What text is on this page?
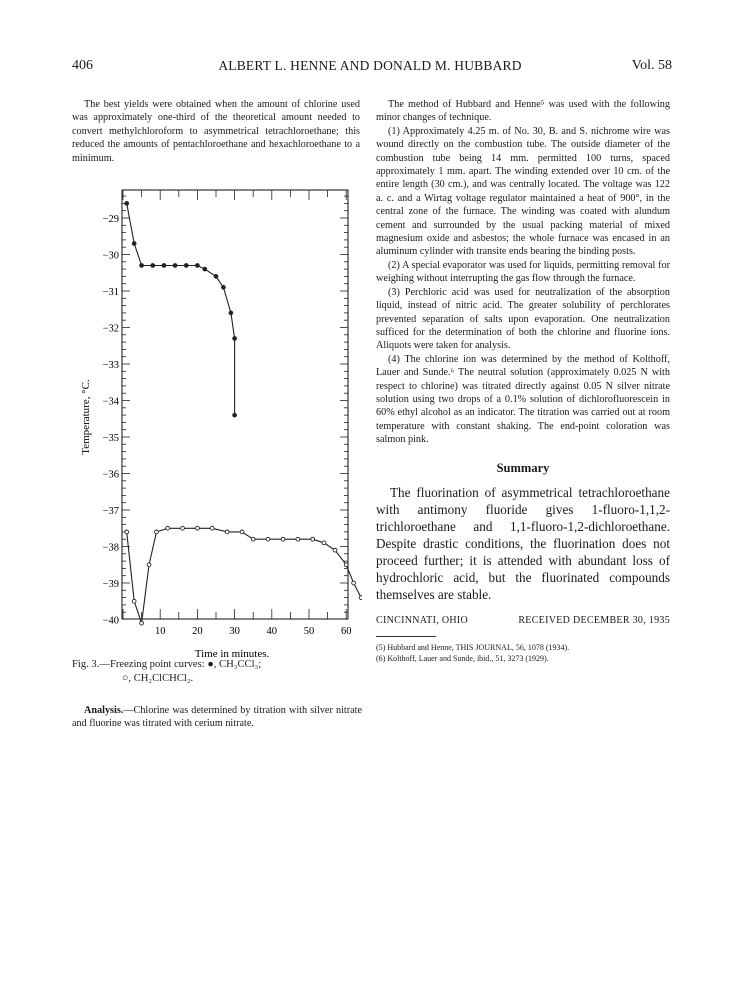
406	ALBERT L. HENNE AND DONALD M. HUBBARD	Vol. 58

The best yields were obtained when the amount of chlorine used was approximately one-third of the theoretical amount needed to convert methylchloroform to asymmetrical tetrachloroethane; this reduced the amounts of pentachloroethane and hexachloroethane to a minimum.

−29
−30
−31
−32
−33
−34
−35
−36
−37
−38
−39
−40
10	20	30	40	50	60
Temperature, °C.
Time in minutes.
Fig. 3.—Freezing point curves: ●, CH₃CCl₃;
○, CH₂ClCHCl₂.

Analysis.—Chlorine was determined by titration with silver nitrate and fluorine was titrated with cerium nitrate.

The method of Hubbard and Henne⁵ was used with the following minor changes of technique.

(1) Approximately 4.25 m. of No. 30, B. and S. nichrome wire was wound directly on the combustion tube. The outside diameter of the combustion tube being 14 mm. permitted 100 turns, spaced approximately 1 mm. apart. The winding extended over 10 cm. of the entire length (30 cm.), and was centrally located. The voltage was 122 a. c. and a Wirtag voltage regulator maintained a heat of 900°, in the central zone of the furnace. The winding was coated with alundum cement and surrounded by the usual packing material of mixed magnesium oxide and asbestos; the whole furnace was encased in an aluminum cylinder with transite ends bearing the binding posts.

(2) A special evaporator was used for liquids, permitting removal for weighing without interrupting the gas flow through the furnace.

(3) Perchloric acid was used for neutralization of the absorption liquid, instead of nitric acid. The greater solubility of perchlorates prevented separation of salts upon evaporation. One neutralization sufficed for the determination of both the chlorine and fluorine ions. Aliquots were taken for analysis.

(4) The chlorine ion was determined by the method of Kolthoff, Lauer and Sunde.⁶ The neutral solution (approximately 0.025 N with respect to chlorine) was titrated directly against 0.05 N silver nitrate solution using two drops of a 0.1% solution of dichlorofluorescein in 60% ethyl alcohol as an indicator. The titration was carried out at room temperature with constant shaking. The end-point coloration was salmon pink.

Summary

The fluorination of asymmetrical tetrachloroethane with antimony fluoride gives 1-fluoro-1,1,2-trichloroethane and 1,1-fluoro-1,2-dichloroethane. Despite drastic conditions, the fluorination does not proceed further; it is attended with abundant loss of hydrochloric acid, but the fluorinated compounds themselves are stable.

CINCINNATI, OHIO	RECEIVED DECEMBER 30, 1935

(5) Hubbard and Henne, THIS JOURNAL, 56, 1078 (1934).

(6) Kolthoff, Lauer and Sunde, ibid., 51, 3273 (1929).
